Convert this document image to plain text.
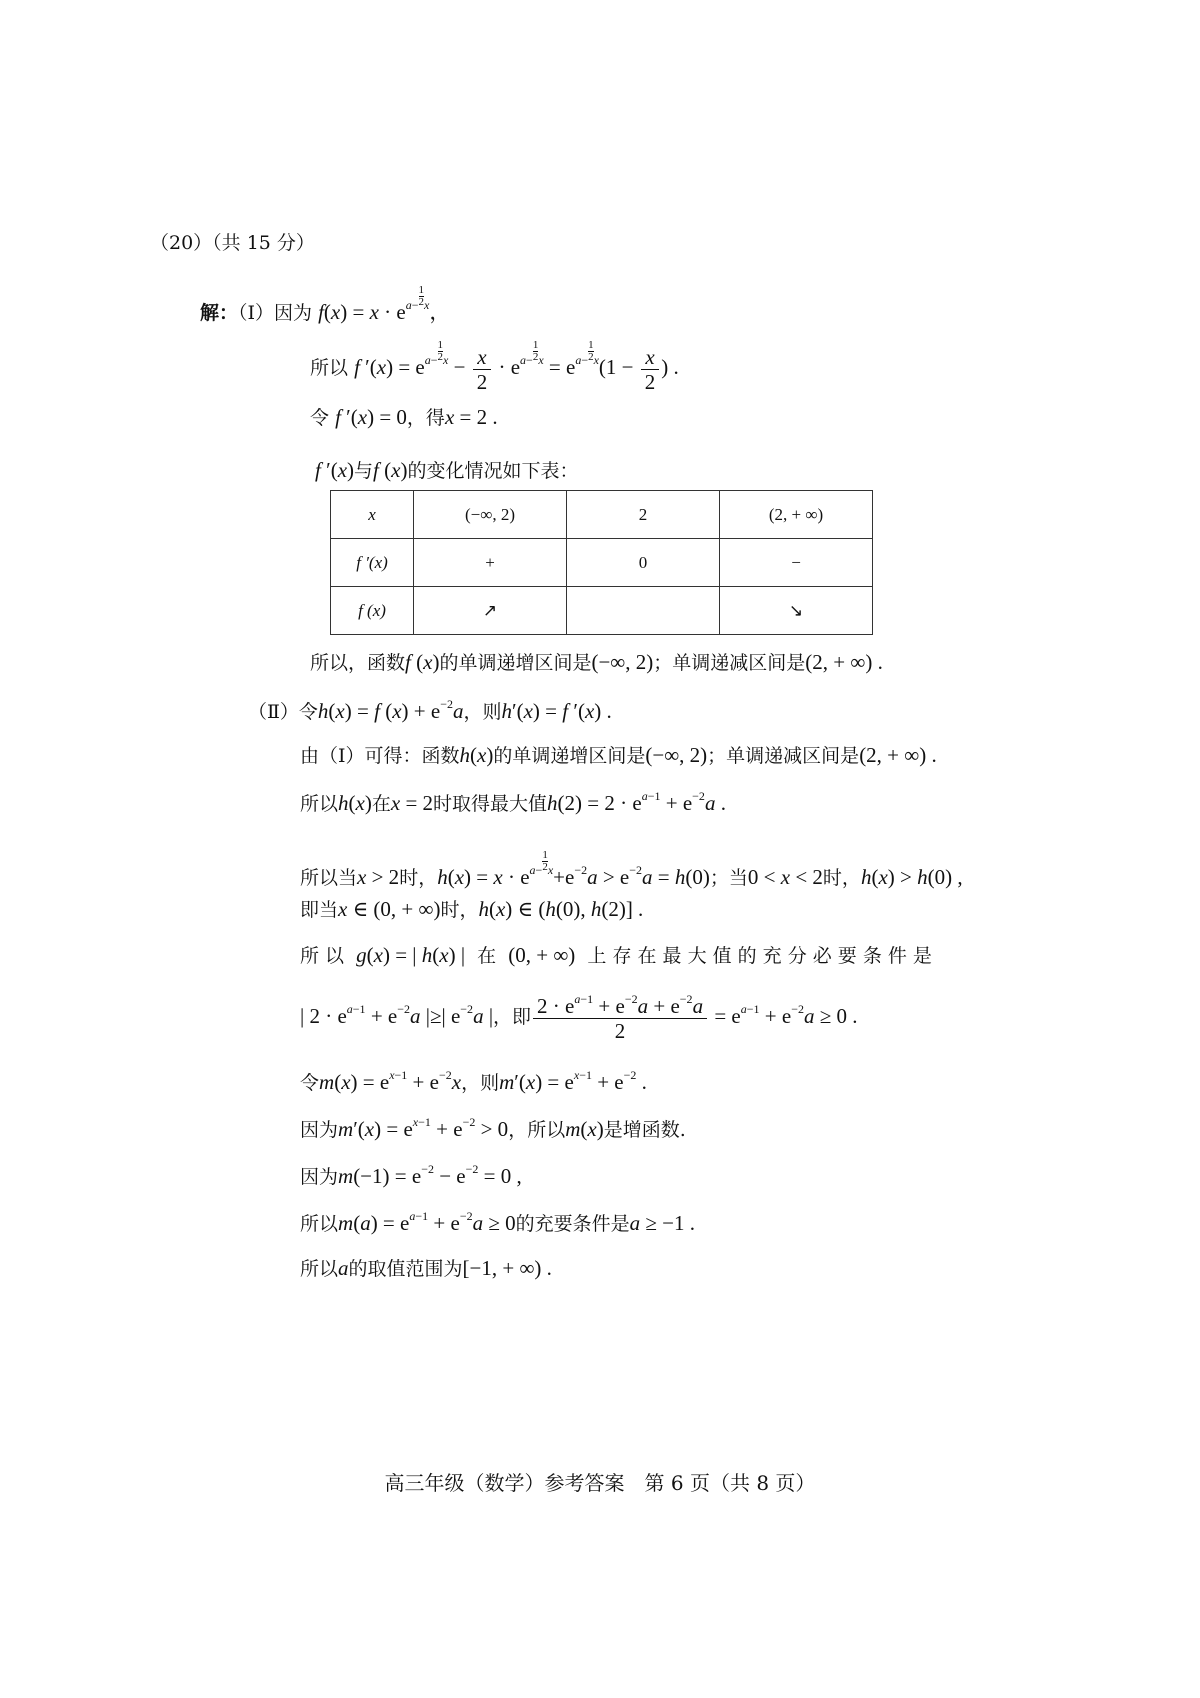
（20）（共 15 分）
解：（Ⅰ）因为 $f(x) = x \cdot e^{a- \frac{1}{2}x}$，
所以 f $'(x) = e^{a- \frac{1}{2}x} - \frac{x}{2} \cdot e^{a- \frac{1}{2}x} = e^{a- \frac{1}{2}x}(1 - \frac{x}{2}$ ) .
令 f ′(x) = 0，得x = 2 .
f ′(x)与f (x)的变化情况如下表：
x	(−∞, 2)	2	(2, + ∞)
f ′(x)	+	0	−
f (x)	↗		↘
所以，函数f (x)的单调递增区间是(−∞, 2)；单调递减区间是(2, + ∞) .
（Ⅱ）令h(x) = f $(x) + e^{-2}a$，则h′(x) = f ′(x) .
由（Ⅰ）可得：函数h(x)的单调递增区间是(−∞, 2)；单调递减区间是(2, + ∞) .
所以h(x)在x = 2时取得最大值$h(2) = 2 \cdot e^{a-1} + e^{-2}a$ .
所以当x > 2时，$h(x) = x \cdot e^{a- \frac{1}{2}x}+e^{-2}a > e^{-2}a = h(0)$；当0 < x < 2时，h(x) > h(0) ,
即当x ∈ (0, + ∞)时，h(x) ∈ (h(0), h(2)] .
所 以 g(x) = | h(x) | 在 (0, + ∞) 上 存 在 最 大 值 的 充 分 必 要 条 件 是
| $2 \cdot e^{a-1} + e^{-2}a$ |≥| $e^{-2}a$ |，即 $\frac{2 \cdot e^{a-1} + e^{-2}a + e^{-2}a}{2} = e^{a-1} + e^{-2}a \ge 0$ .
令$m(x) = e^{x-1} + e^{-2}x$，则$m'(x) = e^{x-1} + e^{-2}$ .
因为$m'(x) = e^{x-1} + e^{-2} > 0$，所以m(x)是增函数.
因为$m(-1) = e^{-2} - e^{-2} = 0$ ,
所以$m(a) = e^{a-1} + e^{-2}a \ge 0$的充要条件是a ≥ −1 .
所以a的取值范围为[−1, + ∞) .
高三年级（数学）参考答案　第 6 页（共 8 页）
